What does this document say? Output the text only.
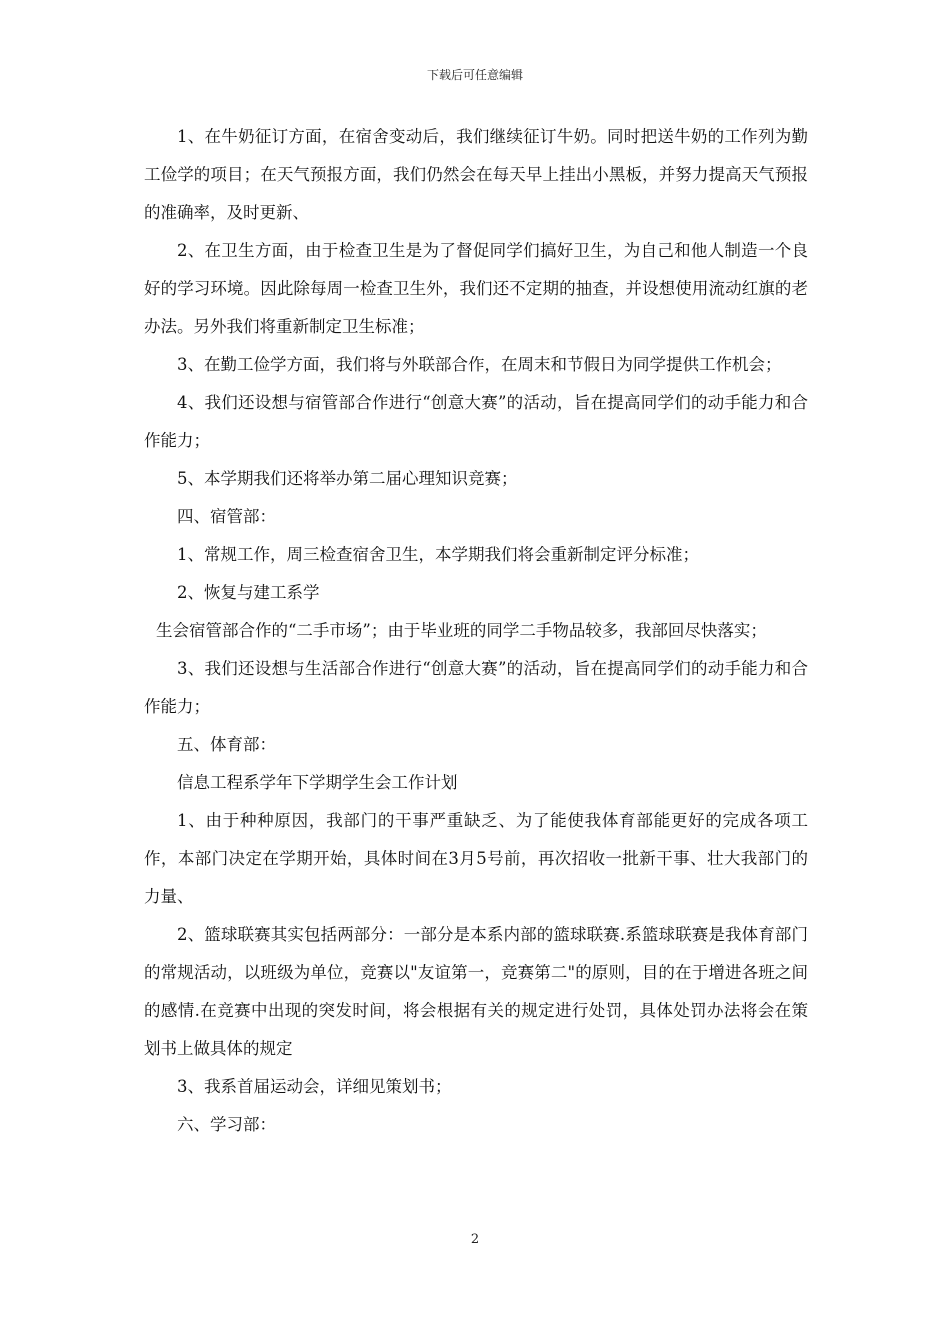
下载后可任意编辑

1、在牛奶征订方面，在宿舍变动后，我们继续征订牛奶。同时把送牛奶的工作列为勤工俭学的项目；在天气预报方面，我们仍然会在每天早上挂出小黑板，并努力提高天气预报的准确率，及时更新、

2、在卫生方面，由于检查卫生是为了督促同学们搞好卫生，为自己和他人制造一个良好的学习环境。因此除每周一检查卫生外，我们还不定期的抽查，并设想使用流动红旗的老办法。另外我们将重新制定卫生标准；

3、在勤工俭学方面，我们将与外联部合作，在周末和节假日为同学提供工作机会；

4、我们还设想与宿管部合作进行“创意大赛”的活动，旨在提高同学们的动手能力和合作能力；

5、本学期我们还将举办第二届心理知识竞赛；

四、宿管部：

1、常规工作，周三检查宿舍卫生，本学期我们将会重新制定评分标准；

2、恢复与建工系学

生会宿管部合作的“二手市场”；由于毕业班的同学二手物品较多，我部回尽快落实；

3、我们还设想与生活部合作进行“创意大赛”的活动，旨在提高同学们的动手能力和合作能力；

五、体育部：

信息工程系学年下学期学生会工作计划

1、由于种种原因，我部门的干事严重缺乏、为了能使我体育部能更好的完成各项工作，本部门决定在学期开始，具体时间在3月5号前，再次招收一批新干事、壮大我部门的力量、

2、篮球联赛其实包括两部分：一部分是本系内部的篮球联赛.系篮球联赛是我体育部门的常规活动，以班级为单位，竞赛以"友谊第一，竞赛第二"的原则，目的在于增进各班之间的感情.在竞赛中出现的突发时间，将会根据有关的规定进行处罚，具体处罚办法将会在策划书上做具体的规定

3、我系首届运动会，详细见策划书；

六、学习部：

2
